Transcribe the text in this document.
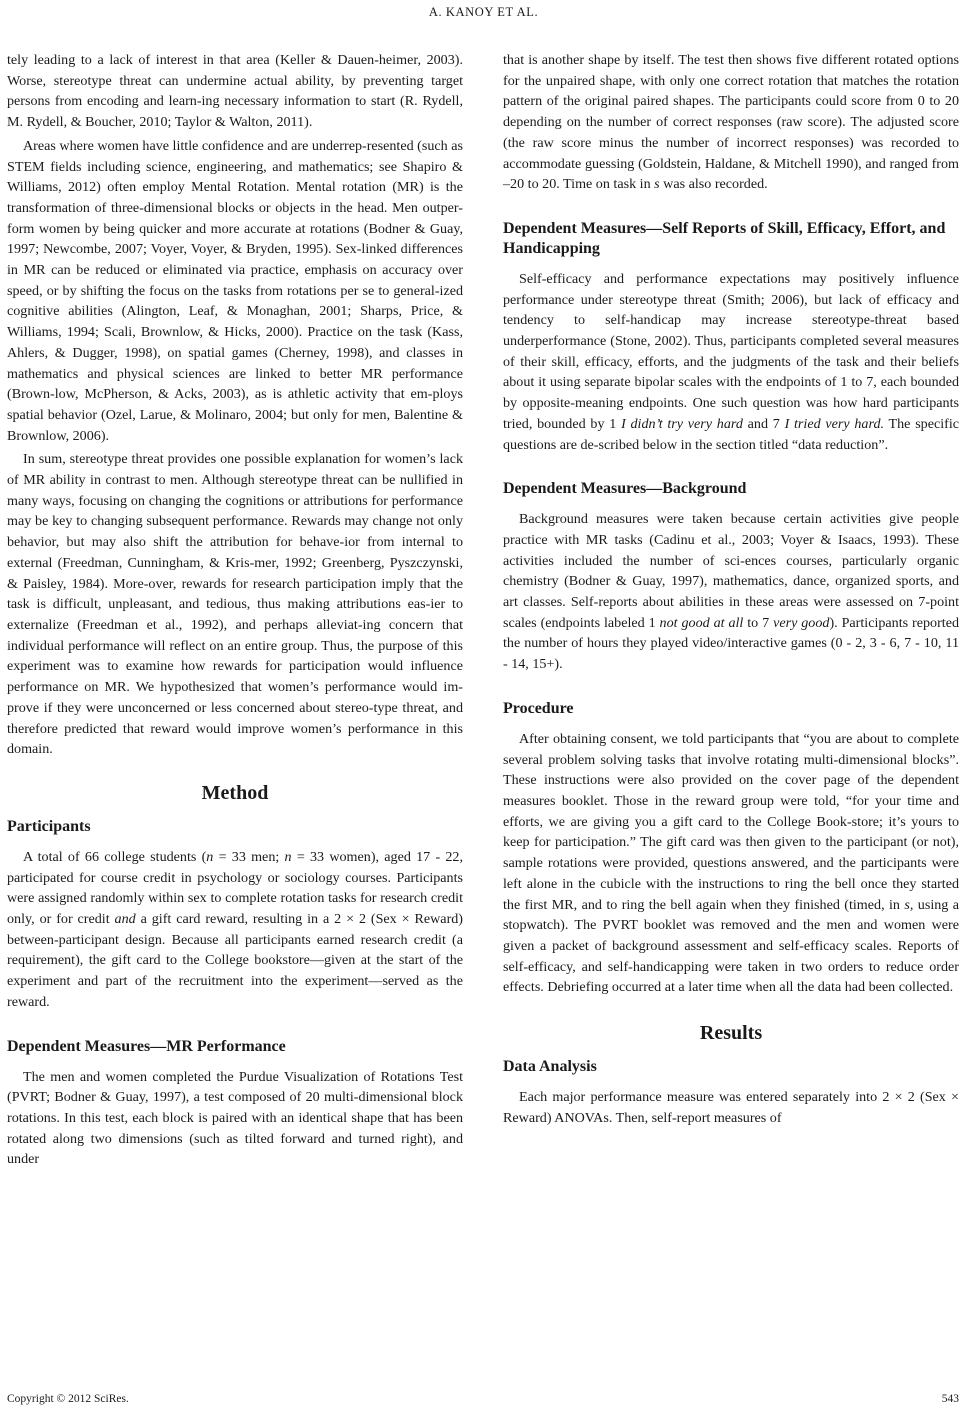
A. KANOY ET AL.

tely leading to a lack of interest in that area (Keller & Dauen-heimer, 2003). Worse, stereotype threat can undermine actual ability, by preventing target persons from encoding and learn-ing necessary information to start (R. Rydell, M. Rydell, & Boucher, 2010; Taylor & Walton, 2011).

Areas where women have little confidence and are underrep-resented (such as STEM fields including science, engineering, and mathematics; see Shapiro & Williams, 2012) often employ Mental Rotation. Mental rotation (MR) is the transformation of three-dimensional blocks or objects in the head. Men outper-form women by being quicker and more accurate at rotations (Bodner & Guay, 1997; Newcombe, 2007; Voyer, Voyer, & Bryden, 1995). Sex-linked differences in MR can be reduced or eliminated via practice, emphasis on accuracy over speed, or by shifting the focus on the tasks from rotations per se to general-ized cognitive abilities (Alington, Leaf, & Monaghan, 2001; Sharps, Price, & Williams, 1994; Scali, Brownlow, & Hicks, 2000). Practice on the task (Kass, Ahlers, & Dugger, 1998), on spatial games (Cherney, 1998), and classes in mathematics and physical sciences are linked to better MR performance (Brown-low, McPherson, & Acks, 2003), as is athletic activity that em-ploys spatial behavior (Ozel, Larue, & Molinaro, 2004; but only for men, Balentine & Brownlow, 2006).

In sum, stereotype threat provides one possible explanation for women’s lack of MR ability in contrast to men. Although stereotype threat can be nullified in many ways, focusing on changing the cognitions or attributions for performance may be key to changing subsequent performance. Rewards may change not only behavior, but may also shift the attribution for behave-ior from internal to external (Freedman, Cunningham, & Kris-mer, 1992; Greenberg, Pyszczynski, & Paisley, 1984). More-over, rewards for research participation imply that the task is difficult, unpleasant, and tedious, thus making attributions eas-ier to externalize (Freedman et al., 1992), and perhaps alleviat-ing concern that individual performance will reflect on an entire group. Thus, the purpose of this experiment was to examine how rewards for participation would influence performance on MR. We hypothesized that women’s performance would im-prove if they were unconcerned or less concerned about stereo-type threat, and therefore predicted that reward would improve women’s performance in this domain.

Method
Participants

A total of 66 college students (n = 33 men; n = 33 women), aged 17 - 22, participated for course credit in psychology or sociology courses. Participants were assigned randomly within sex to complete rotation tasks for research credit only, or for credit and a gift card reward, resulting in a 2 × 2 (Sex × Reward) between-participant design. Because all participants earned research credit (a requirement), the gift card to the College bookstore—given at the start of the experiment and part of the recruitment into the experiment—served as the reward.

Dependent Measures—MR Performance

The men and women completed the Purdue Visualization of Rotations Test (PVRT; Bodner & Guay, 1997), a test composed of 20 multi-dimensional block rotations. In this test, each block is paired with an identical shape that has been rotated along two dimensions (such as tilted forward and turned right), and under

that is another shape by itself. The test then shows five different rotated options for the unpaired shape, with only one correct rotation that matches the rotation pattern of the original paired shapes. The participants could score from 0 to 20 depending on the number of correct responses (raw score). The adjusted score (the raw score minus the number of incorrect responses) was recorded to accommodate guessing (Goldstein, Haldane, & Mitchell 1990), and ranged from –20 to 20. Time on task in s was also recorded.

Dependent Measures—Self Reports of Skill, Efficacy, Effort, and Handicapping

Self-efficacy and performance expectations may positively influence performance under stereotype threat (Smith; 2006), but lack of efficacy and tendency to self-handicap may increase stereotype-threat based underperformance (Stone, 2002). Thus, participants completed several measures of their skill, efficacy, efforts, and the judgments of the task and their beliefs about it using separate bipolar scales with the endpoints of 1 to 7, each bounded by opposite-meaning endpoints. One such question was how hard participants tried, bounded by 1 I didn’t try very hard and 7 I tried very hard. The specific questions are de-scribed below in the section titled “data reduction”.

Dependent Measures—Background

Background measures were taken because certain activities give people practice with MR tasks (Cadinu et al., 2003; Voyer & Isaacs, 1993). These activities included the number of sci-ences courses, particularly organic chemistry (Bodner & Guay, 1997), mathematics, dance, organized sports, and art classes. Self-reports about abilities in these areas were assessed on 7-point scales (endpoints labeled 1 not good at all to 7 very good). Participants reported the number of hours they played video/interactive games (0 - 2, 3 - 6, 7 - 10, 11 - 14, 15+).

Procedure

After obtaining consent, we told participants that “you are about to complete several problem solving tasks that involve rotating multi-dimensional blocks”. These instructions were also provided on the cover page of the dependent measures booklet. Those in the reward group were told, “for your time and efforts, we are giving you a gift card to the College Book-store; it’s yours to keep for participation.” The gift card was then given to the participant (or not), sample rotations were provided, questions answered, and the participants were left alone in the cubicle with the instructions to ring the bell once they started the first MR, and to ring the bell again when they finished (timed, in s, using a stopwatch). The PVRT booklet was removed and the men and women were given a packet of background assessment and self-efficacy scales. Reports of self-efficacy, and self-handicapping were taken in two orders to reduce order effects. Debriefing occurred at a later time when all the data had been collected.

Results
Data Analysis

Each major performance measure was entered separately into 2 × 2 (Sex × Reward) ANOVAs. Then, self-report measures of

Copyright © 2012 SciRes.	543
